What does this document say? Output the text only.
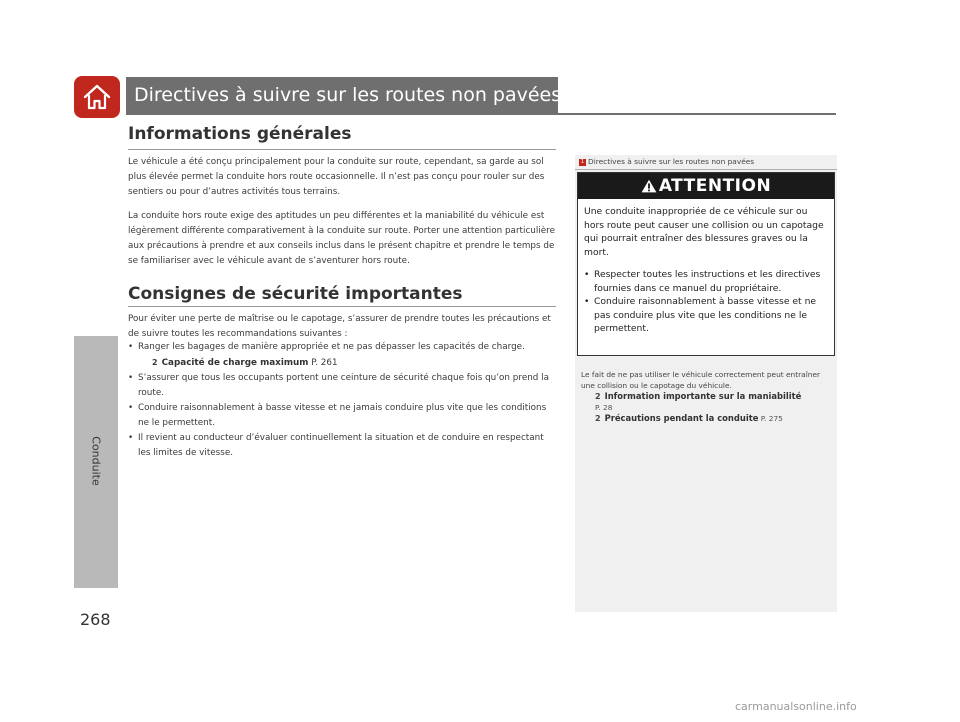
Directives à suivre sur les routes non pavées
Conduite
268
Informations générales

Le véhicule a été conçu principalement pour la conduite sur route, cependant, sa garde au sol plus élevée permet la conduite hors route occasionnelle. Il n’est pas conçu pour rouler sur des sentiers ou pour d’autres activités tous terrains.

La conduite hors route exige des aptitudes un peu différentes et la maniabilité du véhicule est légèrement différente comparativement à la conduite sur route. Porter une attention particulière aux précautions à prendre et aux conseils inclus dans le présent chapitre et prendre le temps de se familiariser avec le véhicule avant de s’aventurer hors route.

Consignes de sécurité importantes

Pour éviter une perte de maîtrise ou le capotage, s’assurer de prendre toutes les précautions et de suivre toutes les recommandations suivantes :

• Ranger les bagages de manière appropriée et ne pas dépasser les capacités de charge.
2 Capacité de charge maximum P. 261
• S’assurer que tous les occupants portent une ceinture de sécurité chaque fois qu’on prend la route.
• Conduire raisonnablement à basse vitesse et ne jamais conduire plus vite que les conditions ne le permettent.
• Il revient au conducteur d’évaluer continuellement la situation et de conduire en respectant les limites de vitesse.
1 Directives à suivre sur les routes non pavées
ATTENTION

Une conduite inappropriée de ce véhicule sur ou hors route peut causer une collision ou un capotage qui pourrait entraîner des blessures graves ou la mort.

• Respecter toutes les instructions et les directives fournies dans ce manuel du propriétaire.
• Conduire raisonnablement à basse vitesse et ne pas conduire plus vite que les conditions ne le permettent.

Le fait de ne pas utiliser le véhicule correctement peut entraîner une collision ou le capotage du véhicule.

2 Information importante sur la maniabilité
P. 28
2 Précautions pendant la conduite P. 275
carmanualsonline.info
